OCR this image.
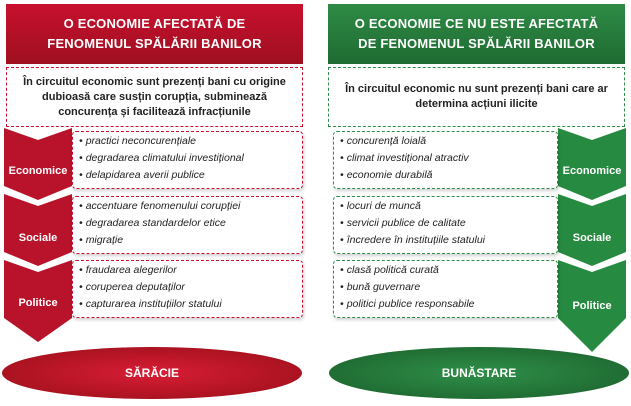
O ECONOMIE AFECTATĂ DE
FENOMENUL SPĂLĂRII BANILOR
În circuitul economic sunt prezenți bani cu origine
dubioasă care susțin corupția, subminează
concurența și facilitează infracțiunile
Economice
Sociale
Politice
• practici neconcurențiale
• degradarea climatului investițional
• delapidarea averii publice
• accentuare fenomenului corupției
• degradarea standardelor etice
• migrație
• fraudarea alegerilor
• coruperea deputaților
• capturarea instituțiilor statului
SĂRĂCIE
O ECONOMIE CE NU ESTE AFECTATĂ
DE FENOMENUL SPĂLĂRII BANILOR
În circuitul economic nu sunt prezenți bani care ar
determina acțiuni ilicite
Economice
Sociale
Politice
• concurență loială
• climat investițional atractiv
• economie durabilă
• locuri de muncă
• servicii publice de calitate
• încredere în instituțiile statului
• clasă politică curată
• bună guvernare
• politici publice responsabile
BUNĂSTARE
